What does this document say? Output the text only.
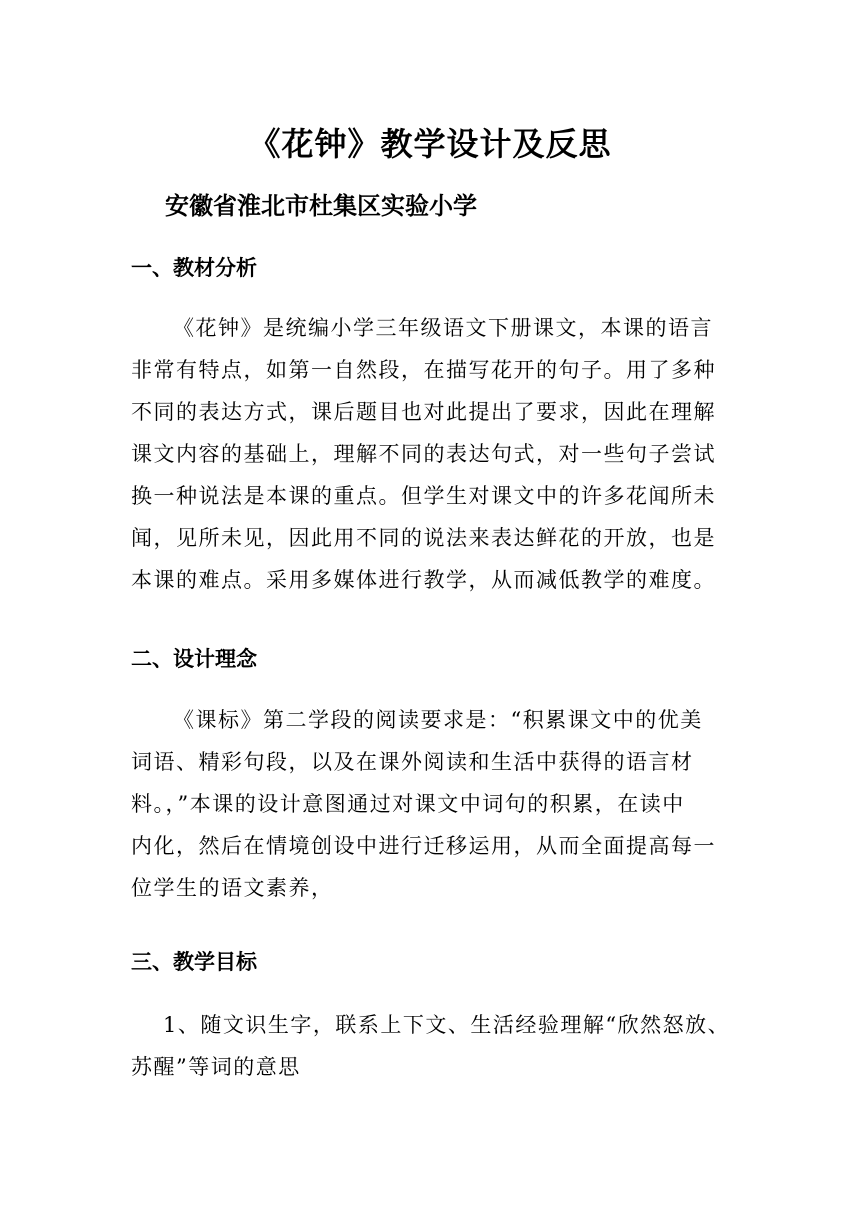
《花钟》教学设计及反思
安徽省淮北市杜集区实验小学
一、教材分析
《花钟》是统编小学三年级语文下册课文，本课的语言
非常有特点，如第一自然段，在描写花开的句子。用了多种
不同的表达方式，课后题目也对此提出了要求，因此在理解
课文内容的基础上，理解不同的表达句式，对一些句子尝试
换一种说法是本课的重点。但学生对课文中的许多花闻所未
闻，见所未见，因此用不同的说法来表达鲜花的开放，也是
本课的难点。采用多媒体进行教学，从而减低教学的难度。
二、设计理念
《课标》第二学段的阅读要求是：“积累课文中的优美
词语、精彩句段，以及在课外阅读和生活中获得的语言材
料。，”本课的设计意图通过对课文中词句的积累，在读中
内化，然后在情境创设中进行迁移运用，从而全面提高每一
位学生的语文素养，
三、教学目标
1、随文识生字，联系上下文、生活经验理解“欣然怒放、
苏醒”等词的意思
